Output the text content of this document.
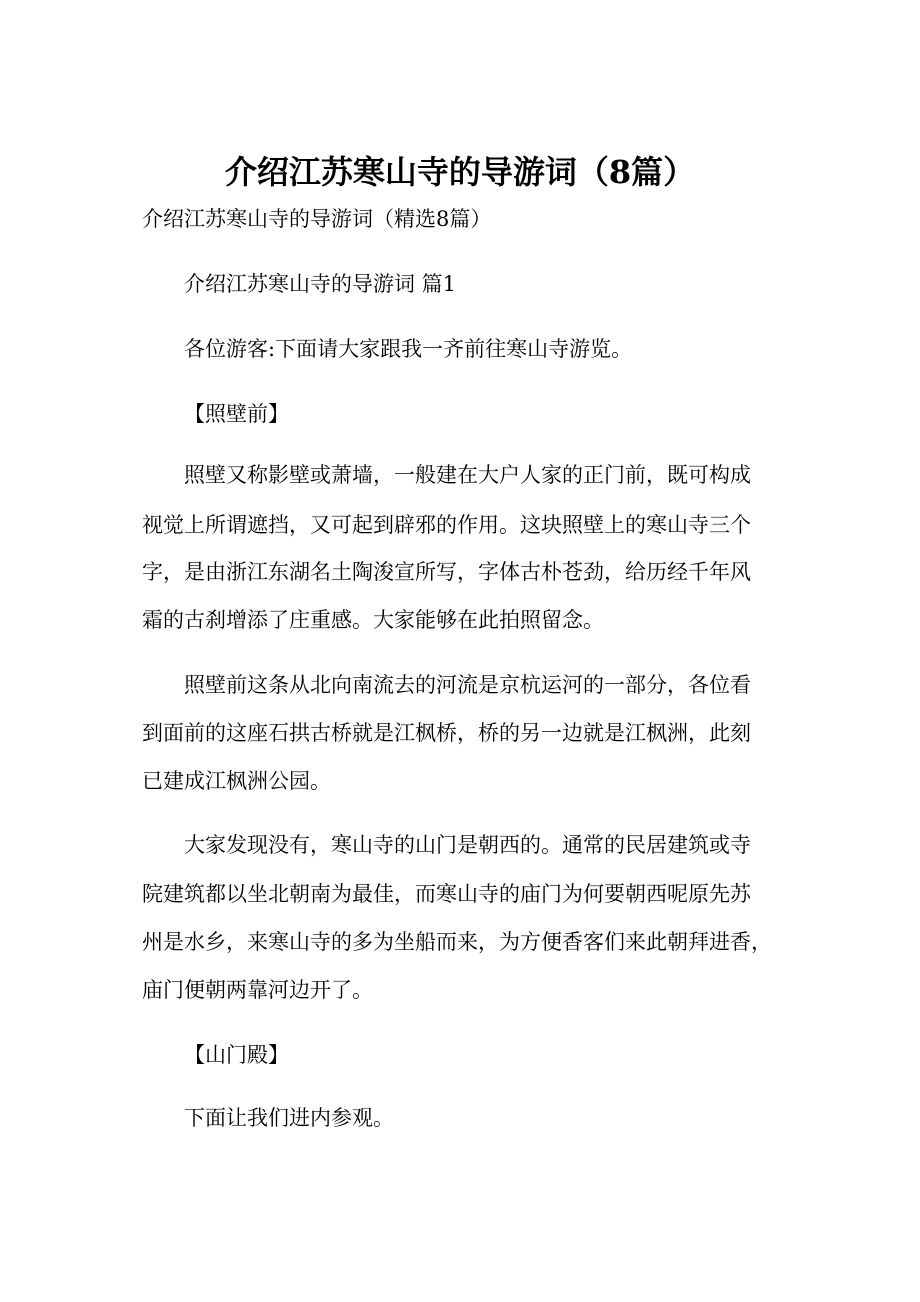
介绍江苏寒山寺的导游词（8篇）
介绍江苏寒山寺的导游词（精选8篇）
介绍江苏寒山寺的导游词 篇1
各位游客:下面请大家跟我一齐前往寒山寺游览。
【照壁前】
照壁又称影壁或萧墙，一般建在大户人家的正门前，既可构成
视觉上所谓遮挡，又可起到辟邪的作用。这块照壁上的寒山寺三个
字，是由浙江东湖名土陶浚宣所写，字体古朴苍劲，给历经千年风
霜的古刹增添了庄重感。大家能够在此拍照留念。
照壁前这条从北向南流去的河流是京杭运河的一部分，各位看
到面前的这座石拱古桥就是江枫桥，桥的另一边就是江枫洲，此刻
已建成江枫洲公园。
大家发现没有，寒山寺的山门是朝西的。通常的民居建筑或寺
院建筑都以坐北朝南为最佳，而寒山寺的庙门为何要朝西呢原先苏
州是水乡，来寒山寺的多为坐船而来，为方便香客们来此朝拜进香，
庙门便朝两靠河边开了。
【山门殿】
下面让我们进内参观。
